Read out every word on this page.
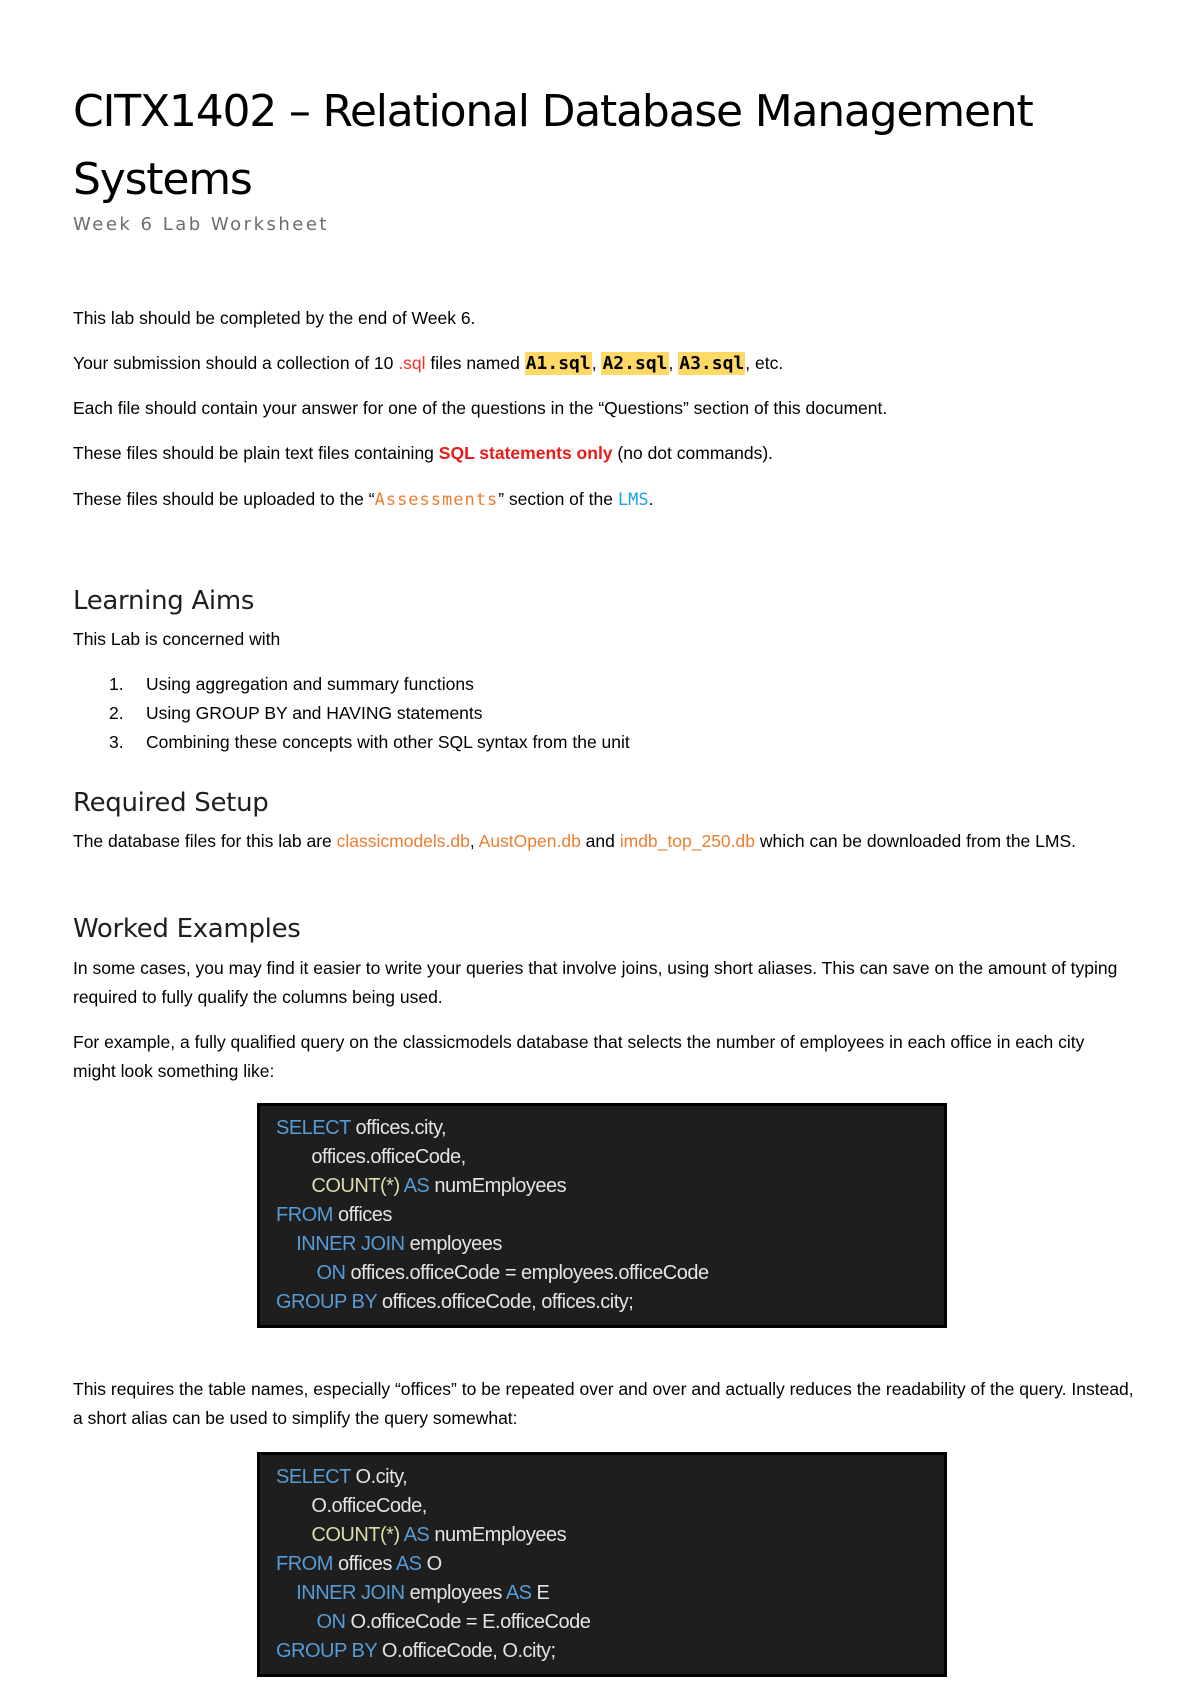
CITX1402 – Relational Database Management Systems
Week 6 Lab Worksheet
This lab should be completed by the end of Week 6.
Your submission should a collection of 10 .sql files named A1.sql, A2.sql, A3.sql, etc.
Each file should contain your answer for one of the questions in the “Questions” section of this document.
These files should be plain text files containing SQL statements only (no dot commands).
These files should be uploaded to the “Assessments” section of the LMS.
Learning Aims
This Lab is concerned with
1. Using aggregation and summary functions
2. Using GROUP BY and HAVING statements
3. Combining these concepts with other SQL syntax from the unit
Required Setup
The database files for this lab are classicmodels.db, AustOpen.db and imdb_top_250.db which can be downloaded from the LMS.
Worked Examples
In some cases, you may find it easier to write your queries that involve joins, using short aliases. This can save on the amount of typing required to fully qualify the columns being used.
For example, a fully qualified query on the classicmodels database that selects the number of employees in each office in each city might look something like:
SELECT offices.city,
offices.officeCode,
COUNT(*) AS numEmployees
FROM offices
INNER JOIN employees
ON offices.officeCode = employees.officeCode
GROUP BY offices.officeCode, offices.city;
This requires the table names, especially “offices” to be repeated over and over and actually reduces the readability of the query. Instead, a short alias can be used to simplify the query somewhat:
SELECT O.city,
O.officeCode,
COUNT(*) AS numEmployees
FROM offices AS O
INNER JOIN employees AS E
ON O.officeCode = E.officeCode
GROUP BY O.officeCode, O.city;
